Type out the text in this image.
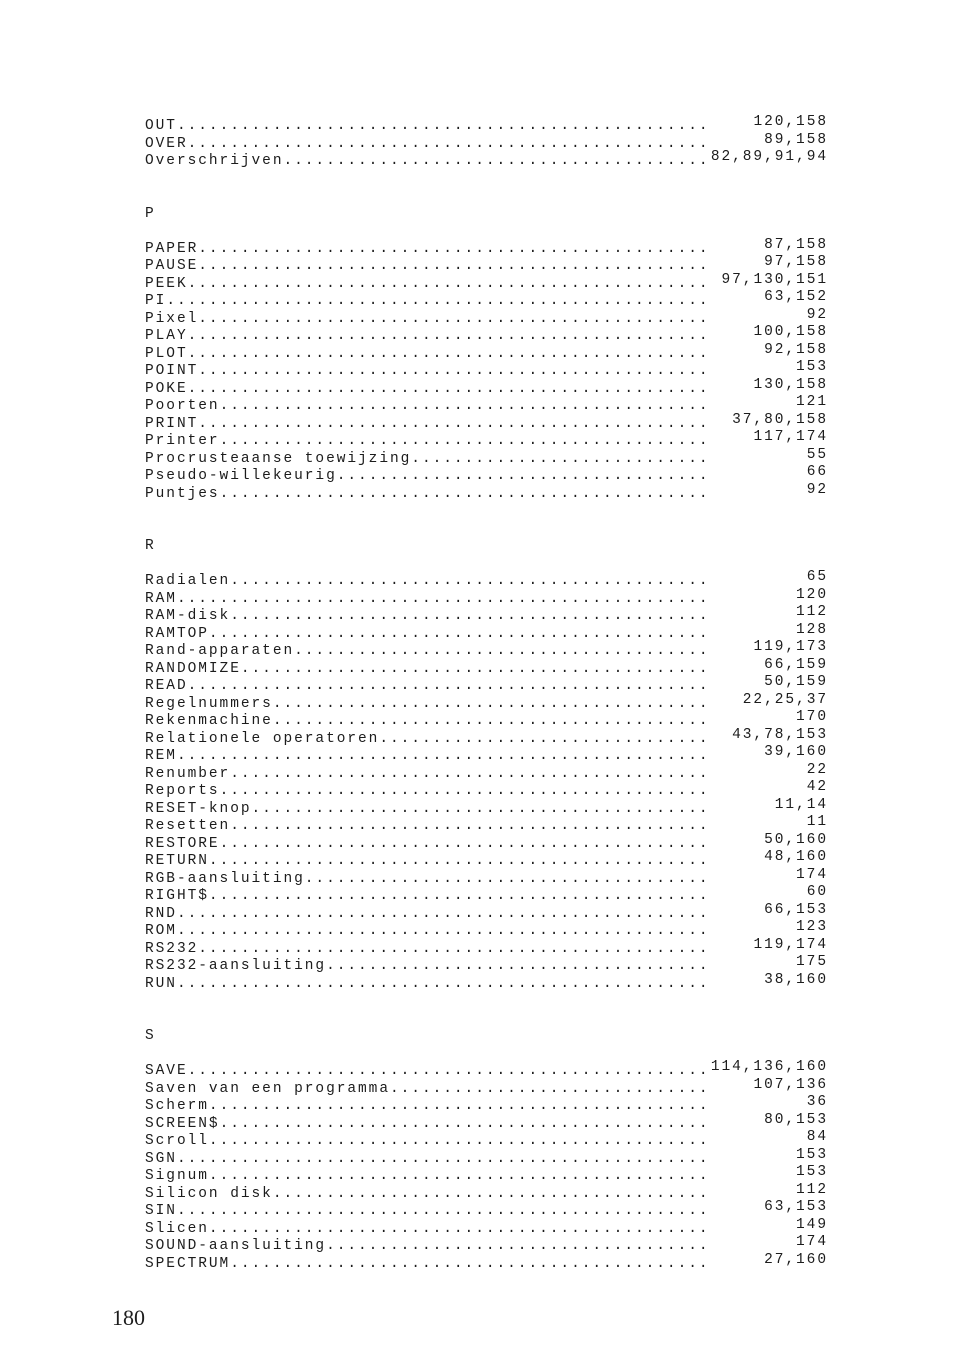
OUT .....	120,158
OVER .....	89,158
Overschrijven .....	82,89,91,94
P
PAPER .....	87,158
PAUSE .....	97,158
PEEK .....	97,130,151
PI .....	63,152
Pixel .....	92
PLAY .....	100,158
PLOT .....	92,158
POINT .....	153
POKE .....	130,158
Poorten .....	121
PRINT .....	37,80,158
Printer .....	117,174
Procrusteaanse toewijzing .....	55
Pseudo-willekeurig .....	66
Puntjes .....	92
R
Radialen .....	65
RAM .....	120
RAM-disk .....	112
RAMTOP .....	128
Rand-apparaten .....	119,173
RANDOMIZE .....	66,159
READ .....	50,159
Regelnummers .....	22,25,37
Rekenmachine .....	170
Relationele operatoren .....	43,78,153
REM .....	39,160
Renumber .....	22
Reports .....	42
RESET-knop .....	11,14
Resetten .....	11
RESTORE .....	50,160
RETURN .....	48,160
RGB-aansluiting .....	174
RIGHT$ .....	60
RND .....	66,153
ROM .....	123
RS232 .....	119,174
RS232-aansluiting .....	175
RUN .....	38,160
S
SAVE .....	114,136,160
Saven van een programma .....	107,136
Scherm .....	36
SCREEN$ .....	80,153
Scroll .....	84
SGN .....	153
Signum .....	153
Silicon disk .....	112
SIN .....	63,153
Slicen .....	149
SOUND-aansluiting .....	174
SPECTRUM .....	27,160
180
